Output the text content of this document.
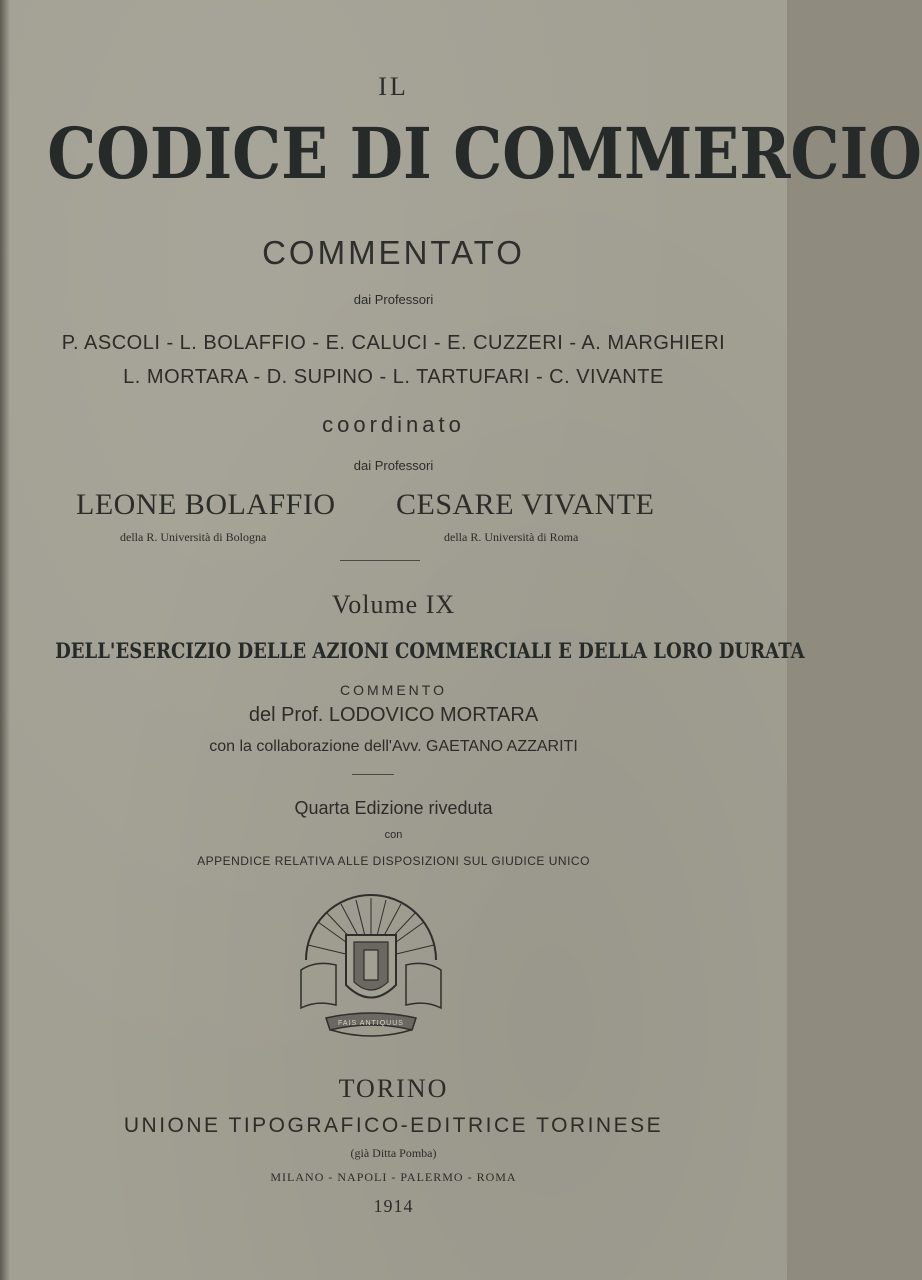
IL
CODICE DI COMMERCIO
COMMENTATO
dai Professori
P. ASCOLI - L. BOLAFFIO - E. CALUCI - E. CUZZERI - A. MARGHIERI
L. MORTARA - D. SUPINO - L. TARTUFARI - C. VIVANTE
coordinato
dai Professori
LEONE BOLAFFIO CESARE VIVANTE
della R. Università di Bologna	della R. Università di Roma
Volume IX
DELL'ESERCIZIO DELLE AZIONI COMMERCIALI E DELLA LORO DURATA
COMMENTO
del Prof. LODOVICO MORTARA
con la collaborazione dell'Avv. GAETANO AZZARITI
Quarta Edizione riveduta
con
APPENDICE RELATIVA ALLE DISPOSIZIONI SUL GIUDICE UNICO
FAIS ANTIQUUS
TORINO
UNIONE TIPOGRAFICO-EDITRICE TORINESE
(già Ditta Pomba)
MILANO - NAPOLI - PALERMO - ROMA
1914
